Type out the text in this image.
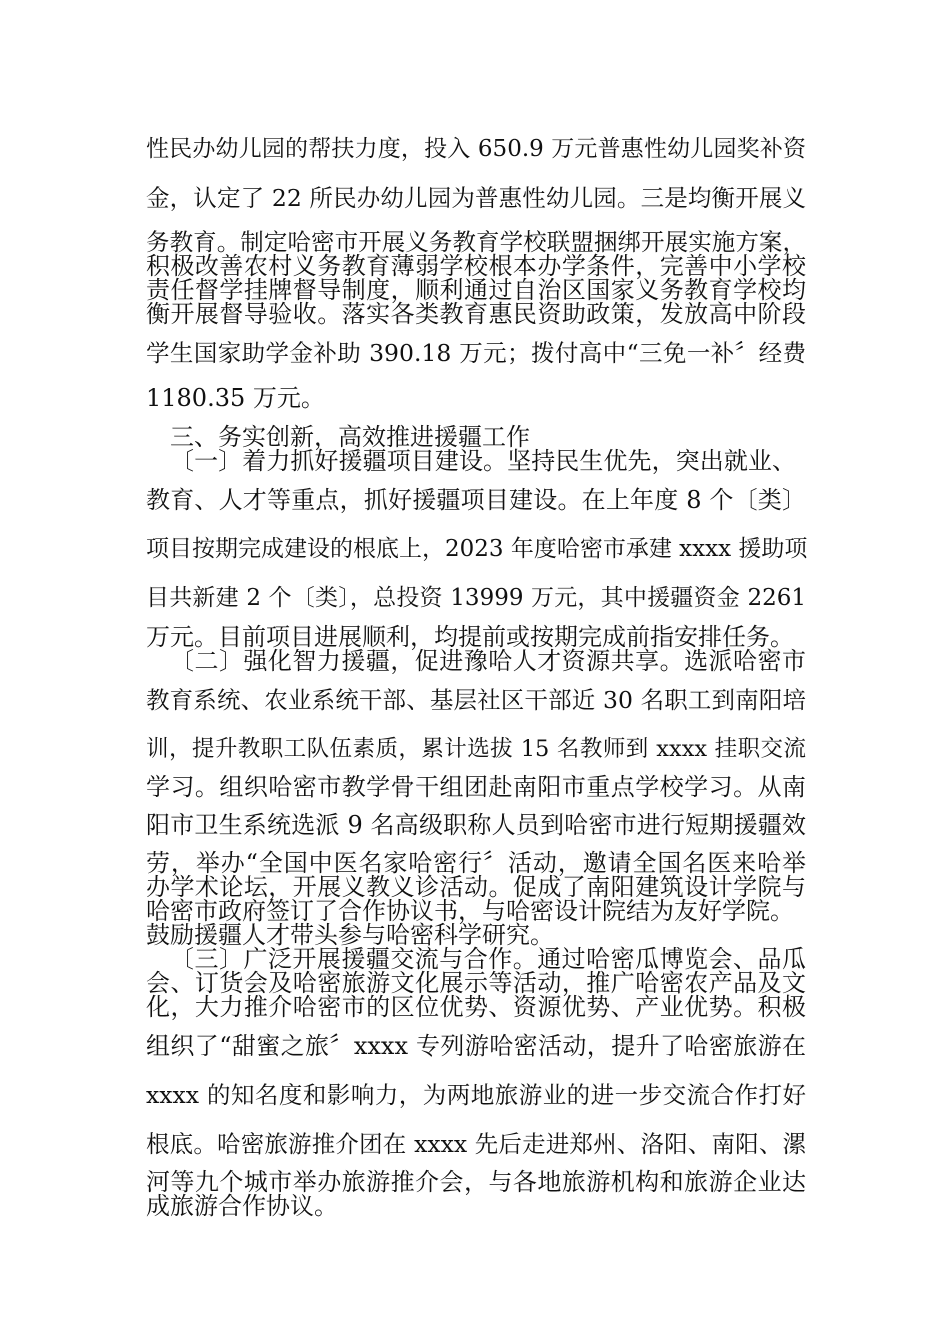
性民办幼儿园的帮扶力度，投入 650.9 万元普惠性幼儿园奖补资
金，认定了 22 所民办幼儿园为普惠性幼儿园。三是均衡开展义
务教育。制定哈密市开展义务教育学校联盟捆绑开展实施方案，
积极改善农村义务教育薄弱学校根本办学条件，完善中小学校
责任督学挂牌督导制度，顺利通过自治区国家义务教育学校均
衡开展督导验收。落实各类教育惠民资助政策，发放高中阶段
学生国家助学金补助 390.18 万元；拨付高中“三免一补〞经费
1180.35 万元。
三、务实创新，高效推进援疆工作
〔一〕着力抓好援疆项目建设。坚持民生优先，突出就业、
教育、人才等重点，抓好援疆项目建设。在上年度 8 个〔类〕
项目按期完成建设的根底上，2023 年度哈密市承建 xxxx 援助项
目共新建 2 个〔类〕，总投资 13999 万元，其中援疆资金 2261
万元。目前项目进展顺利，均提前或按期完成前指安排任务。
〔二〕强化智力援疆，促进豫哈人才资源共享。选派哈密市
教育系统、农业系统干部、基层社区干部近 30 名职工到南阳培
训，提升教职工队伍素质，累计选拔 15 名教师到 xxxx 挂职交流
学习。组织哈密市教学骨干组团赴南阳市重点学校学习。从南
阳市卫生系统选派 9 名高级职称人员到哈密市进行短期援疆效
劳，举办“全国中医名家哈密行〞活动，邀请全国名医来哈举
办学术论坛，开展义教义诊活动。促成了南阳建筑设计学院与
哈密市政府签订了合作协议书，与哈密设计院结为友好学院。
鼓励援疆人才带头参与哈密科学研究。
〔三〕广泛开展援疆交流与合作。通过哈密瓜博览会、品瓜
会、订货会及哈密旅游文化展示等活动，推广哈密农产品及文
化，大力推介哈密市的区位优势、资源优势、产业优势。积极
组织了“甜蜜之旅〞xxxx 专列游哈密活动，提升了哈密旅游在
xxxx 的知名度和影响力，为两地旅游业的进一步交流合作打好
根底。哈密旅游推介团在 xxxx 先后走进郑州、洛阳、南阳、漯
河等九个城市举办旅游推介会，与各地旅游机构和旅游企业达
成旅游合作协议。
